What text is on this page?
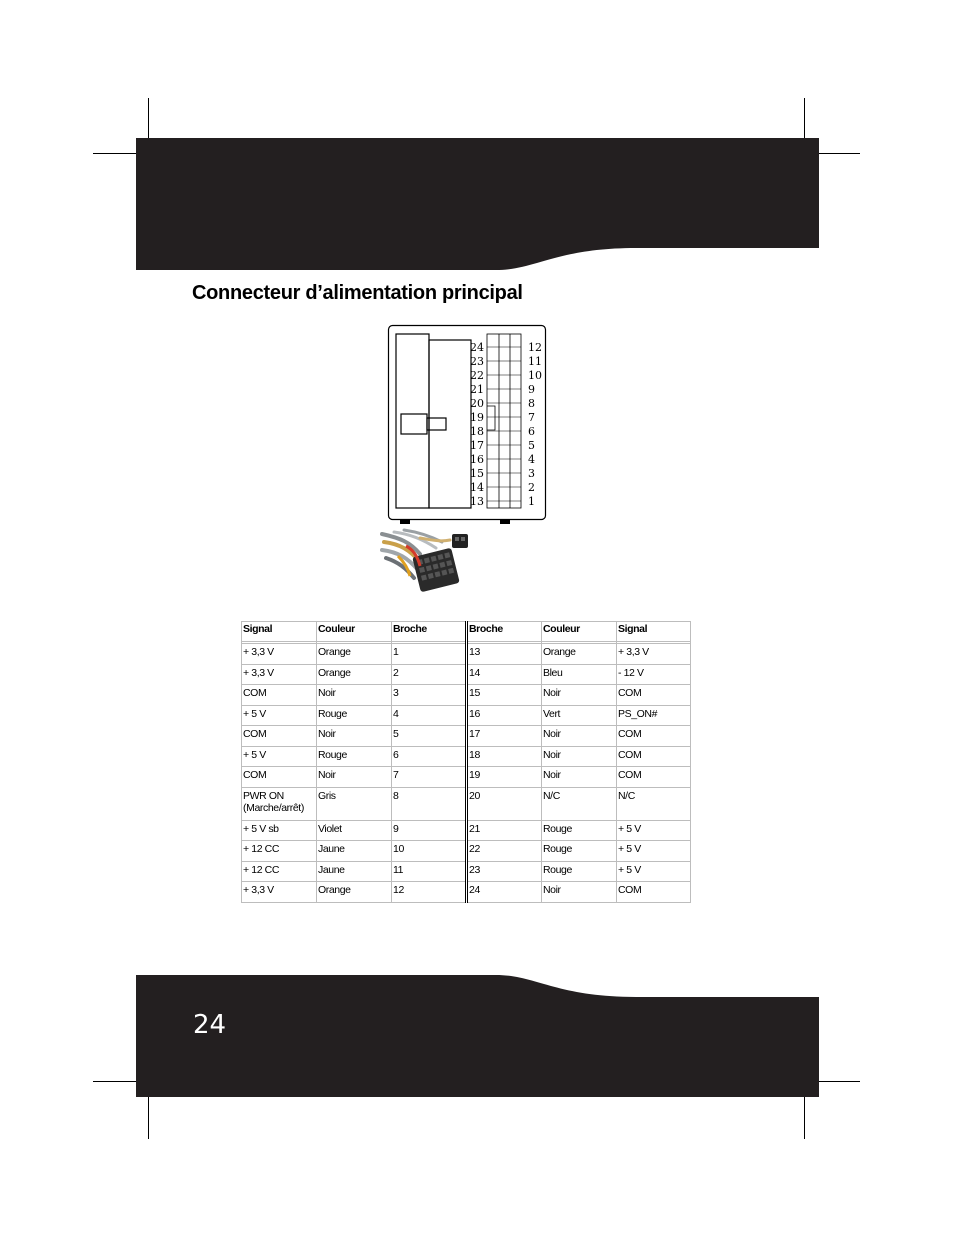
Connecteur d’alimentation principal
24
23
22
21
20
19
18
17
16
15
14
13
12
11
10
9
8
7
6
5
4
3
2
1
Signal	Couleur	Broche	Broche	Couleur	Signal

+ 3,3 V	Orange	1	13	Orange	+ 3,3 V
+ 3,3 V	Orange	2	14	Bleu	- 12 V
COM	Noir	3	15	Noir	COM
+ 5 V	Rouge	4	16	Vert	PS_ON#
COM	Noir	5	17	Noir	COM
+ 5 V	Rouge	6	18	Noir	COM
COM	Noir	7	19	Noir	COM
PWR ON (Marche/arrêt)	Gris	8	20	N/C	N/C
+ 5 V sb	Violet	9	21	Rouge	+ 5 V
+ 12 CC	Jaune	10	22	Rouge	+ 5 V
+ 12 CC	Jaune	11	23	Rouge	+ 5 V
+ 3,3 V	Orange	12	24	Noir	COM
24
